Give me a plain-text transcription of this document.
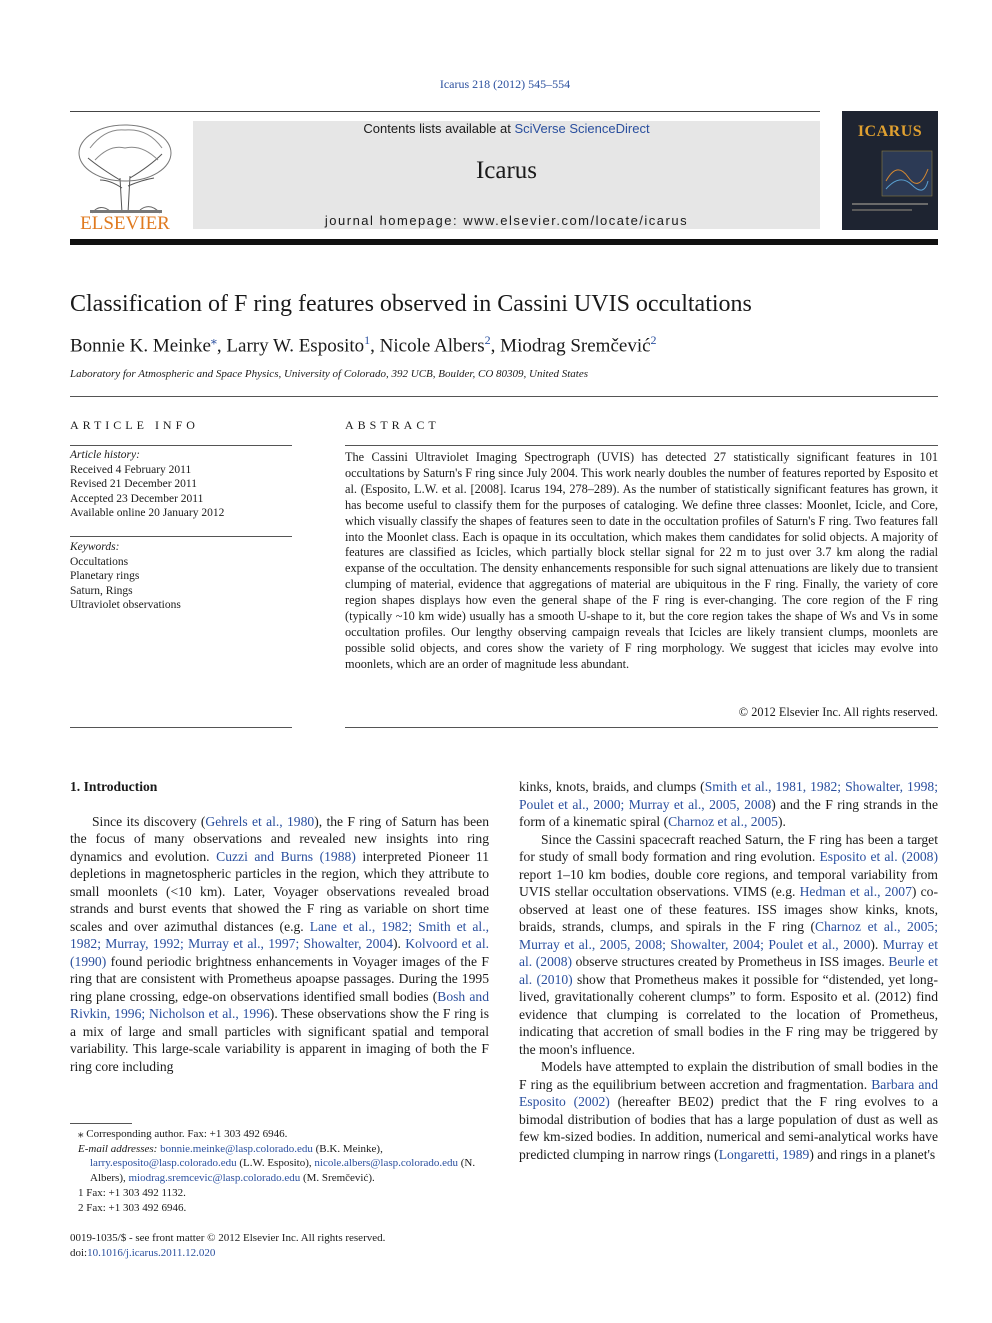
Icarus 218 (2012) 545–554
ELSEVIER
Contents lists available at SciVerse ScienceDirect
Icarus
journal homepage: www.elsevier.com/locate/icarus
ICARUS
Classification of F ring features observed in Cassini UVIS occultations
Bonnie K. Meinke⁎, Larry W. Esposito$^1$, Nicole Albers$^2$, Miodrag Sremčević$^2$
Laboratory for Atmospheric and Space Physics, University of Colorado, 392 UCB, Boulder, CO 80309, United States
ARTICLE INFO
Article history:
Received 4 February 2011
Revised 21 December 2011
Accepted 23 December 2011
Available online 20 January 2012
Keywords:
Occultations
Planetary rings
Saturn, Rings
Ultraviolet observations
ABSTRACT
The Cassini Ultraviolet Imaging Spectrograph (UVIS) has detected 27 statistically significant features in 101 occultations by Saturn's F ring since July 2004. This work nearly doubles the number of features reported by Esposito et al. (Esposito, L.W. et al. [2008]. Icarus 194, 278–289). As the number of statistically significant features has grown, it has become useful to classify them for the purposes of cataloging. We define three classes: Moonlet, Icicle, and Core, which visually classify the shapes of features seen to date in the occultation profiles of Saturn's F ring. Two features fall into the Moonlet class. Each is opaque in its occultation, which makes them candidates for solid objects. A majority of features are classified as Icicles, which partially block stellar signal for 22 m to just over 3.7 km along the radial expanse of the occultation. The density enhancements responsible for such signal attenuations are likely due to transient clumping of material, evidence that aggregations of material are ubiquitous in the F ring. Finally, the variety of core region shapes displays how even the general shape of the F ring is ever-changing. The core region of the F ring (typically ~10 km wide) usually has a smooth U-shape to it, but the core region takes the shape of Ws and Vs in some occultation profiles. Our lengthy observing campaign reveals that Icicles are likely transient clumps, moonlets are possible solid objects, and cores show the variety of F ring morphology. We suggest that icicles may evolve into moonlets, which are an order of magnitude less abundant.
© 2012 Elsevier Inc. All rights reserved.
1. Introduction

Since its discovery (Gehrels et al., 1980), the F ring of Saturn has been the focus of many observations and revealed new insights into ring dynamics and evolution. Cuzzi and Burns (1988) interpreted Pioneer 11 depletions in magnetospheric particles in the region, which they attribute to small moonlets (<10 km). Later, Voyager observations revealed broad strands and burst events that showed the F ring as variable on short time scales and over azimuthal distances (e.g. Lane et al., 1982; Smith et al., 1982; Murray, 1992; Murray et al., 1997; Showalter, 2004). Kolvoord et al. (1990) found periodic brightness enhancements in Voyager images of the F ring that are consistent with Prometheus apoapse passages. During the 1995 ring plane crossing, edge-on observations identified small bodies (Bosh and Rivkin, 1996; Nicholson et al., 1996). These observations show the F ring is a mix of large and small particles with significant spatial and temporal variability. This large-scale variability is apparent in imaging of both the F ring core including

kinks, knots, braids, and clumps (Smith et al., 1981, 1982; Showalter, 1998; Poulet et al., 2000; Murray et al., 2005, 2008) and the F ring strands in the form of a kinematic spiral (Charnoz et al., 2005).

Since the Cassini spacecraft reached Saturn, the F ring has been a target for study of small body formation and ring evolution. Esposito et al. (2008) report 1–10 km bodies, double core regions, and temporal variability from UVIS stellar occultation observations. VIMS (e.g. Hedman et al., 2007) co-observed at least one of these features. ISS images show kinks, knots, braids, strands, clumps, and spirals in the F ring (Charnoz et al., 2005; Murray et al., 2005, 2008; Showalter, 2004; Poulet et al., 2000). Murray et al. (2008) observe structures created by Prometheus in ISS images. Beurle et al. (2010) show that Prometheus makes it possible for “distended, yet long-lived, gravitationally coherent clumps” to form. Esposito et al. (2012) find evidence that clumping is correlated to the location of Prometheus, indicating that accretion of small bodies in the F ring may be triggered by the moon's influence.

Models have attempted to explain the distribution of small bodies in the F ring as the equilibrium between accretion and fragmentation. Barbara and Esposito (2002) (hereafter BE02) predict that the F ring evolves to a bimodal distribution of bodies that has a large population of dust as well as few km-sized bodies. In addition, numerical and semi-analytical works have predicted clumping in narrow rings (Longaretti, 1989) and rings in a planet's

⁎ Corresponding author. Fax: +1 303 492 6946.
E-mail addresses: bonnie.meinke@lasp.colorado.edu (B.K. Meinke), larry.esposito@lasp.colorado.edu (L.W. Esposito), nicole.albers@lasp.colorado.edu (N. Albers), miodrag.sremcevic@lasp.colorado.edu (M. Sremčević).
1 Fax: +1 303 492 1132.
2 Fax: +1 303 492 6946.
0019-1035/$ - see front matter © 2012 Elsevier Inc. All rights reserved.
doi:10.1016/j.icarus.2011.12.020
